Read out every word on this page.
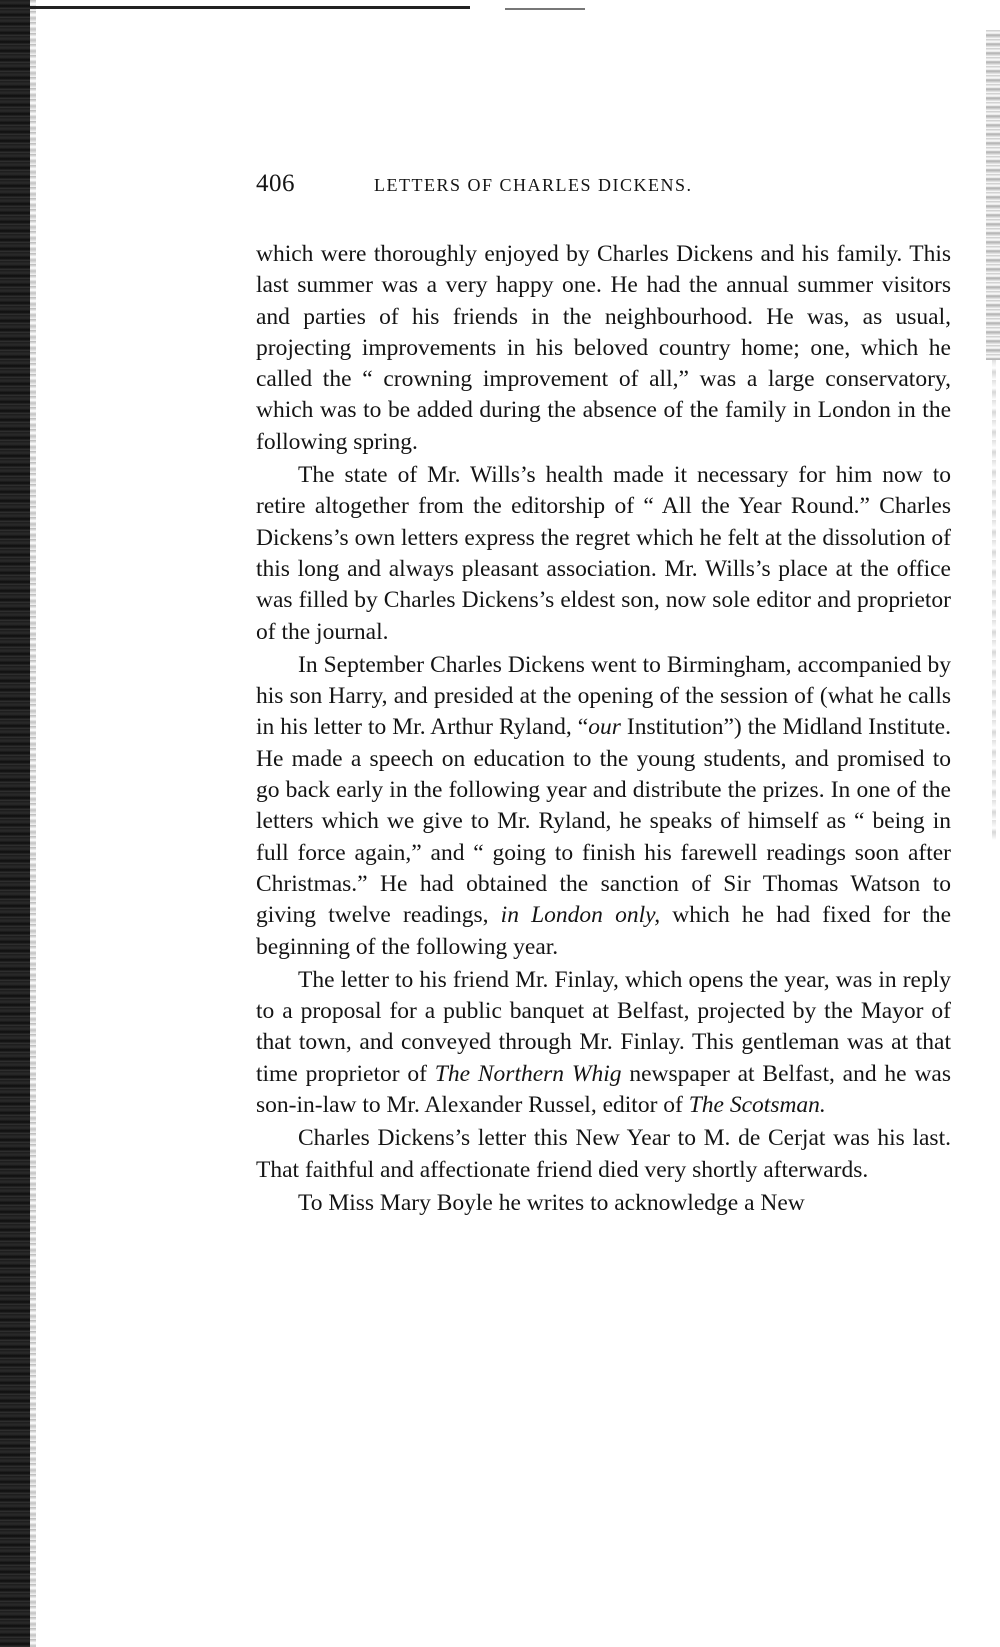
406	LETTERS OF CHARLES DICKENS.

which were thoroughly enjoyed by Charles Dickens and his family. This last summer was a very happy one. He had the annual summer visitors and parties of his friends in the neighbourhood. He was, as usual, projecting improvements in his beloved country home; one, which he called the “ crowning improvement of all,” was a large conservatory, which was to be added during the absence of the family in London in the following spring.

The state of Mr. Wills’s health made it necessary for him now to retire altogether from the editorship of “ All the Year Round.” Charles Dickens’s own letters express the regret which he felt at the dissolution of this long and always pleasant association. Mr. Wills’s place at the office was filled by Charles Dickens’s eldest son, now sole editor and proprietor of the journal.

In September Charles Dickens went to Birmingham, accompanied by his son Harry, and presided at the opening of the session of (what he calls in his letter to Mr. Arthur Ryland, “our Institution”) the Midland Institute. He made a speech on education to the young students, and promised to go back early in the following year and distribute the prizes. In one of the letters which we give to Mr. Ryland, he speaks of himself as “ being in full force again,” and “ going to finish his farewell readings soon after Christmas.” He had obtained the sanction of Sir Thomas Watson to giving twelve readings, in London only, which he had fixed for the beginning of the following year.

The letter to his friend Mr. Finlay, which opens the year, was in reply to a proposal for a public banquet at Belfast, projected by the Mayor of that town, and conveyed through Mr. Finlay. This gentleman was at that time proprietor of The Northern Whig newspaper at Belfast, and he was son-in-law to Mr. Alexander Russel, editor of The Scotsman.

Charles Dickens’s letter this New Year to M. de Cerjat was his last. That faithful and affectionate friend died very shortly afterwards.

To Miss Mary Boyle he writes to acknowledge a New
